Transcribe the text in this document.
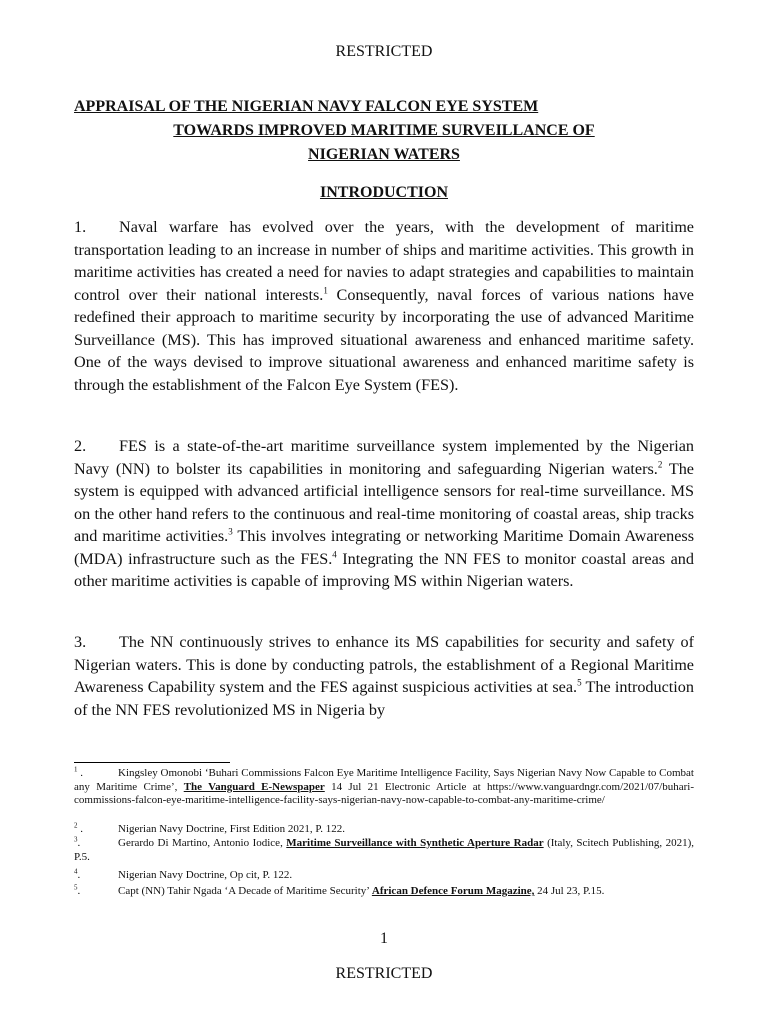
RESTRICTED
APPRAISAL OF THE NIGERIAN NAVY FALCON EYE SYSTEM
TOWARDS IMPROVED MARITIME SURVEILLANCE OF
NIGERIAN WATERS
INTRODUCTION
1. Naval warfare has evolved over the years, with the development of maritime transportation leading to an increase in number of ships and maritime activities. This growth in maritime activities has created a need for navies to adapt strategies and capabilities to maintain control over their national interests.$^1$ Consequently, naval forces of various nations have redefined their approach to maritime security by incorporating the use of advanced Maritime Surveillance (MS). This has improved situational awareness and enhanced maritime safety. One of the ways devised to improve situational awareness and enhanced maritime safety is through the establishment of the Falcon Eye System (FES).
2. FES is a state-of-the-art maritime surveillance system implemented by the Nigerian Navy (NN) to bolster its capabilities in monitoring and safeguarding Nigerian waters.$^2$ The system is equipped with advanced artificial intelligence sensors for real-time surveillance. MS on the other hand refers to the continuous and real-time monitoring of coastal areas, ship tracks and maritime activities.$^3$ This involves integrating or networking Maritime Domain Awareness (MDA) infrastructure such as the FES.$^4$ Integrating the NN FES to monitor coastal areas and other maritime activities is capable of improving MS within Nigerian waters.
3. The NN continuously strives to enhance its MS capabilities for security and safety of Nigerian waters. This is done by conducting patrols, the establishment of a Regional Maritime Awareness Capability system and the FES against suspicious activities at sea.$^5$ The introduction of the NN FES revolutionized MS in Nigeria by
$^1$ .	Kingsley Omonobi ‘Buhari Commissions Falcon Eye Maritime Intelligence Facility, Says Nigerian Navy Now Capable to Combat any Maritime Crime’, The Vanguard E-Newspaper 14 Jul 21 Electronic Article at https://www.vanguardngr.com/2021/07/buhari-commissions-falcon-eye-maritime-intelligence-facility-says-nigerian-navy-now-capable-to-combat-any-maritime-crime/
$^2$ .	Nigerian Navy Doctrine, First Edition 2021, P. 122.
$^3$.	Gerardo Di Martino, Antonio Iodice, Maritime Surveillance with Synthetic Aperture Radar (Italy, Scitech Publishing, 2021), P.5.
$^4$.	Nigerian Navy Doctrine, Op cit, P. 122.
$^5$.	Capt (NN) Tahir Ngada ‘A Decade of Maritime Security’ African Defence Forum Magazine, 24 Jul 23, P.15.
1
RESTRICTED
